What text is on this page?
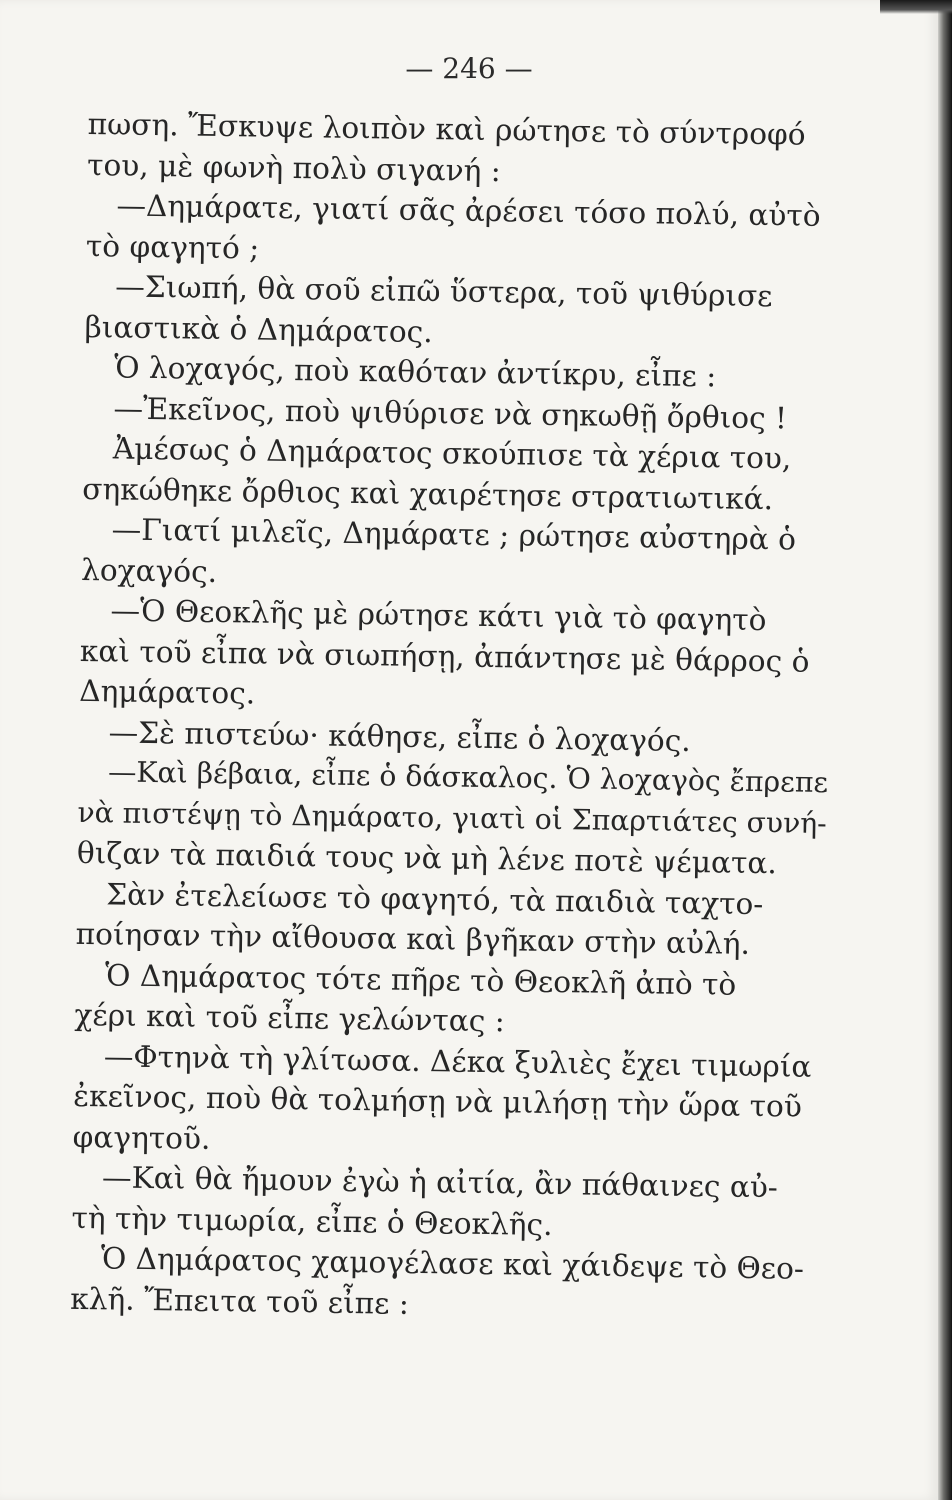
— 246 —
πωση. Ἔσκυψε λοιπὸν καὶ ρώτησε τὸ σύντροφό
του, μὲ φωνὴ πολὺ σιγανή :
—Δημάρατε, γιατί σᾶς ἀρέσει τόσο πολύ, αὐτὸ
τὸ φαγητό ;
—Σιωπή, θὰ σοῦ εἰπῶ ὕστερα, τοῦ ψιθύρισε
βιαστικὰ ὁ Δημάρατος.
Ὁ λοχαγός, ποὺ καθόταν ἀντίκρυ, εἶπε :
—Ἐκεῖνος, ποὺ ψιθύρισε νὰ σηκωθῇ ὄρθιος !
Ἀμέσως ὁ Δημάρατος σκούπισε τὰ χέρια του,
σηκώθηκε ὄρθιος καὶ χαιρέτησε στρατιωτικά.
—Γιατί μιλεῖς, Δημάρατε ; ρώτησε αὐστηρὰ ὁ
λοχαγός.
—Ὁ Θεοκλῆς μὲ ρώτησε κάτι γιὰ τὸ φαγητὸ
καὶ τοῦ εἶπα νὰ σιωπήσῃ, ἀπάντησε μὲ θάρρος ὁ
Δημάρατος.
—Σὲ πιστεύω· κάθησε, εἶπε ὁ λοχαγός.
—Καὶ βέβαια, εἶπε ὁ δάσκαλος. Ὁ λοχαγὸς ἔπρεπε
νὰ πιστέψῃ τὸ Δημάρατο, γιατὶ οἱ Σπαρτιάτες συνή-
θιζαν τὰ παιδιά τους νὰ μὴ λένε ποτὲ ψέματα.
Σὰν ἐτελείωσε τὸ φαγητό, τὰ παιδιὰ ταχτο-
ποίησαν τὴν αἴθουσα καὶ βγῆκαν στὴν αὐλή.
Ὁ Δημάρατος τότε πῆρε τὸ Θεοκλῆ ἀπὸ τὸ
χέρι καὶ τοῦ εἶπε γελώντας :
—Φτηνὰ τὴ γλίτωσα. Δέκα ξυλιὲς ἔχει τιμωρία
ἐκεῖνος, ποὺ θὰ τολμήσῃ νὰ μιλήσῃ τὴν ὥρα τοῦ
φαγητοῦ.
—Καὶ θὰ ἤμουν ἐγὼ ἡ αἰτία, ἂν πάθαινες αὐ-
τὴ τὴν τιμωρία, εἶπε ὁ Θεοκλῆς.
Ὁ Δημάρατος χαμογέλασε καὶ χάιδεψε τὸ Θεο-
κλῆ. Ἔπειτα τοῦ εἶπε :
